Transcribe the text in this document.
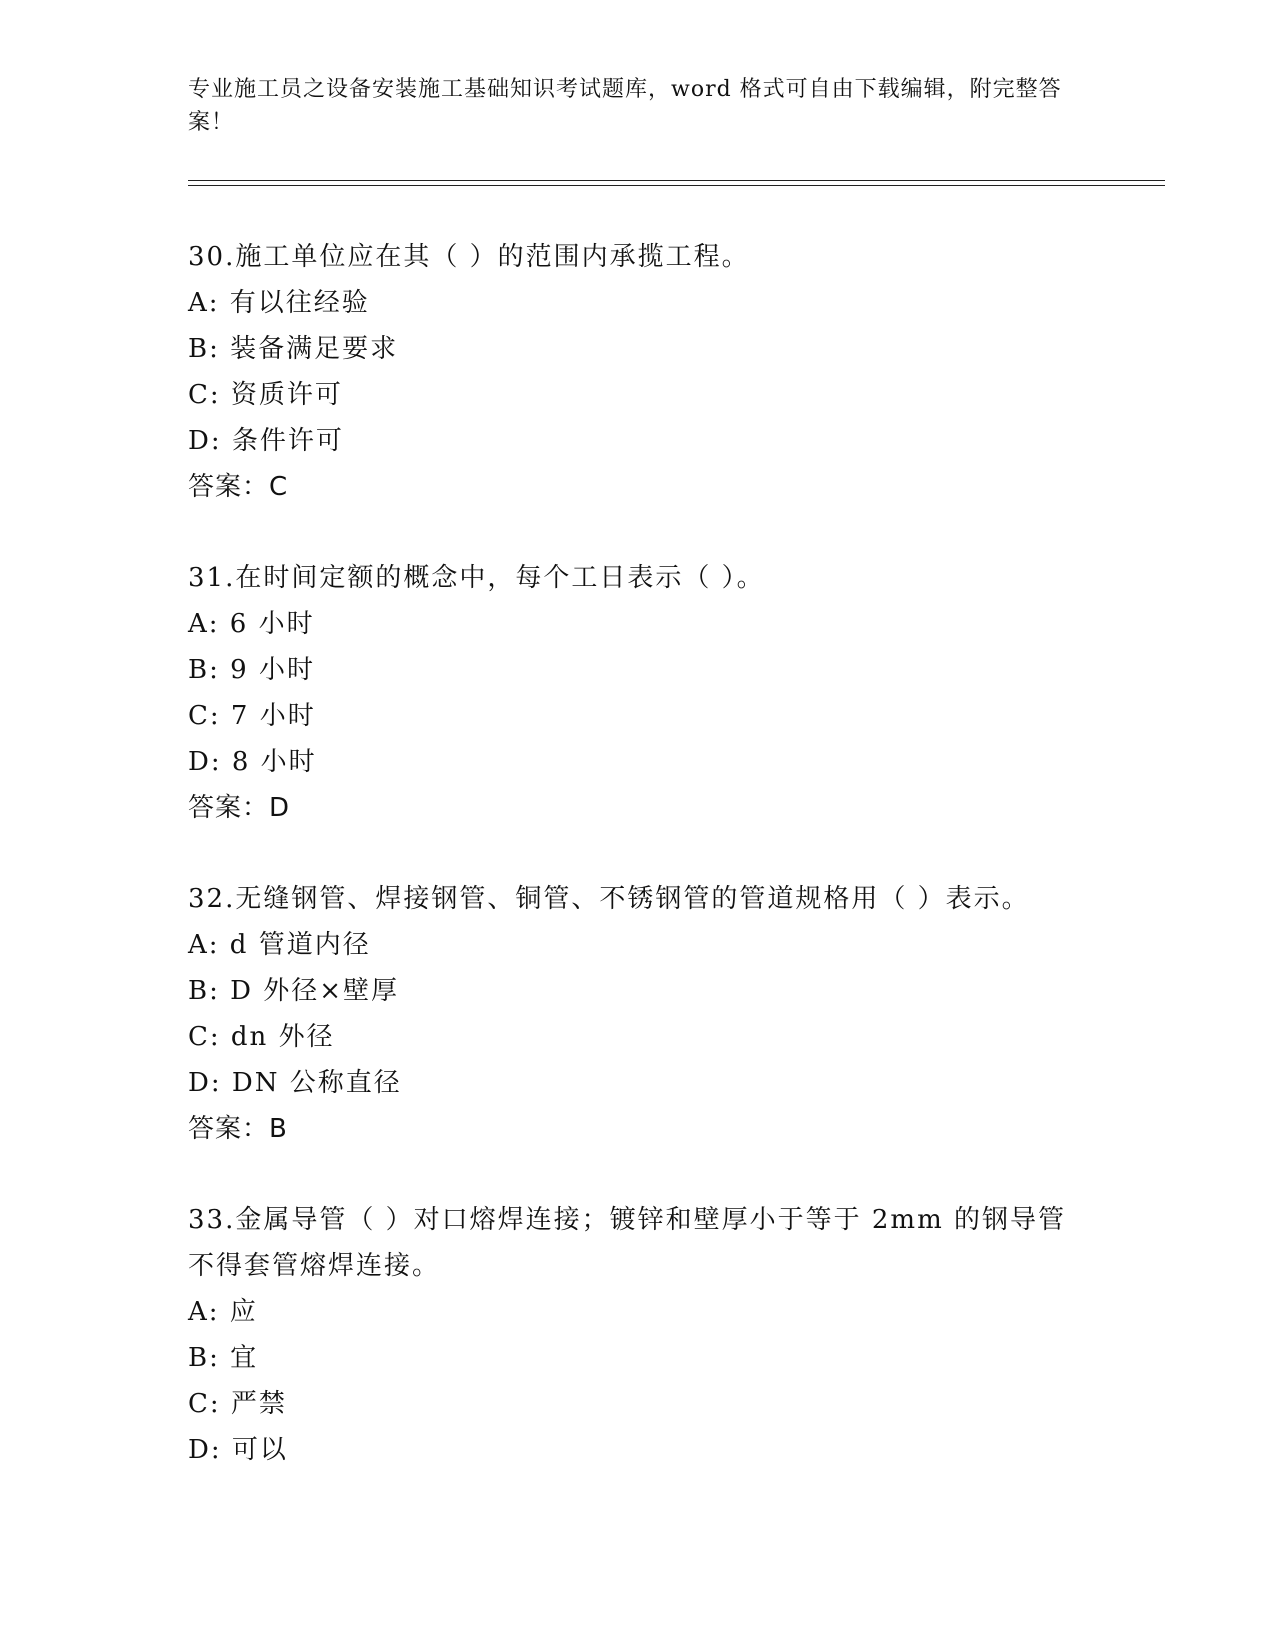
专业施工员之设备安装施工基础知识考试题库，word 格式可自由下载编辑，附完整答案！
30.施工单位应在其（ ）的范围内承揽工程。
A: 有以往经验
B: 装备满足要求
C: 资质许可
D: 条件许可
答案：C
31.在时间定额的概念中，每个工日表示（ ）。
A: 6 小时
B: 9 小时
C: 7 小时
D: 8 小时
答案：D
32.无缝钢管、焊接钢管、铜管、不锈钢管的管道规格用（ ）表示。
A: d 管道内径
B: D 外径×壁厚
C: dn 外径
D: DN 公称直径
答案：B
33.金属导管（ ）对口熔焊连接；镀锌和壁厚小于等于 2mm 的钢导管不得套管熔焊连接。
A: 应
B: 宜
C: 严禁
D: 可以
